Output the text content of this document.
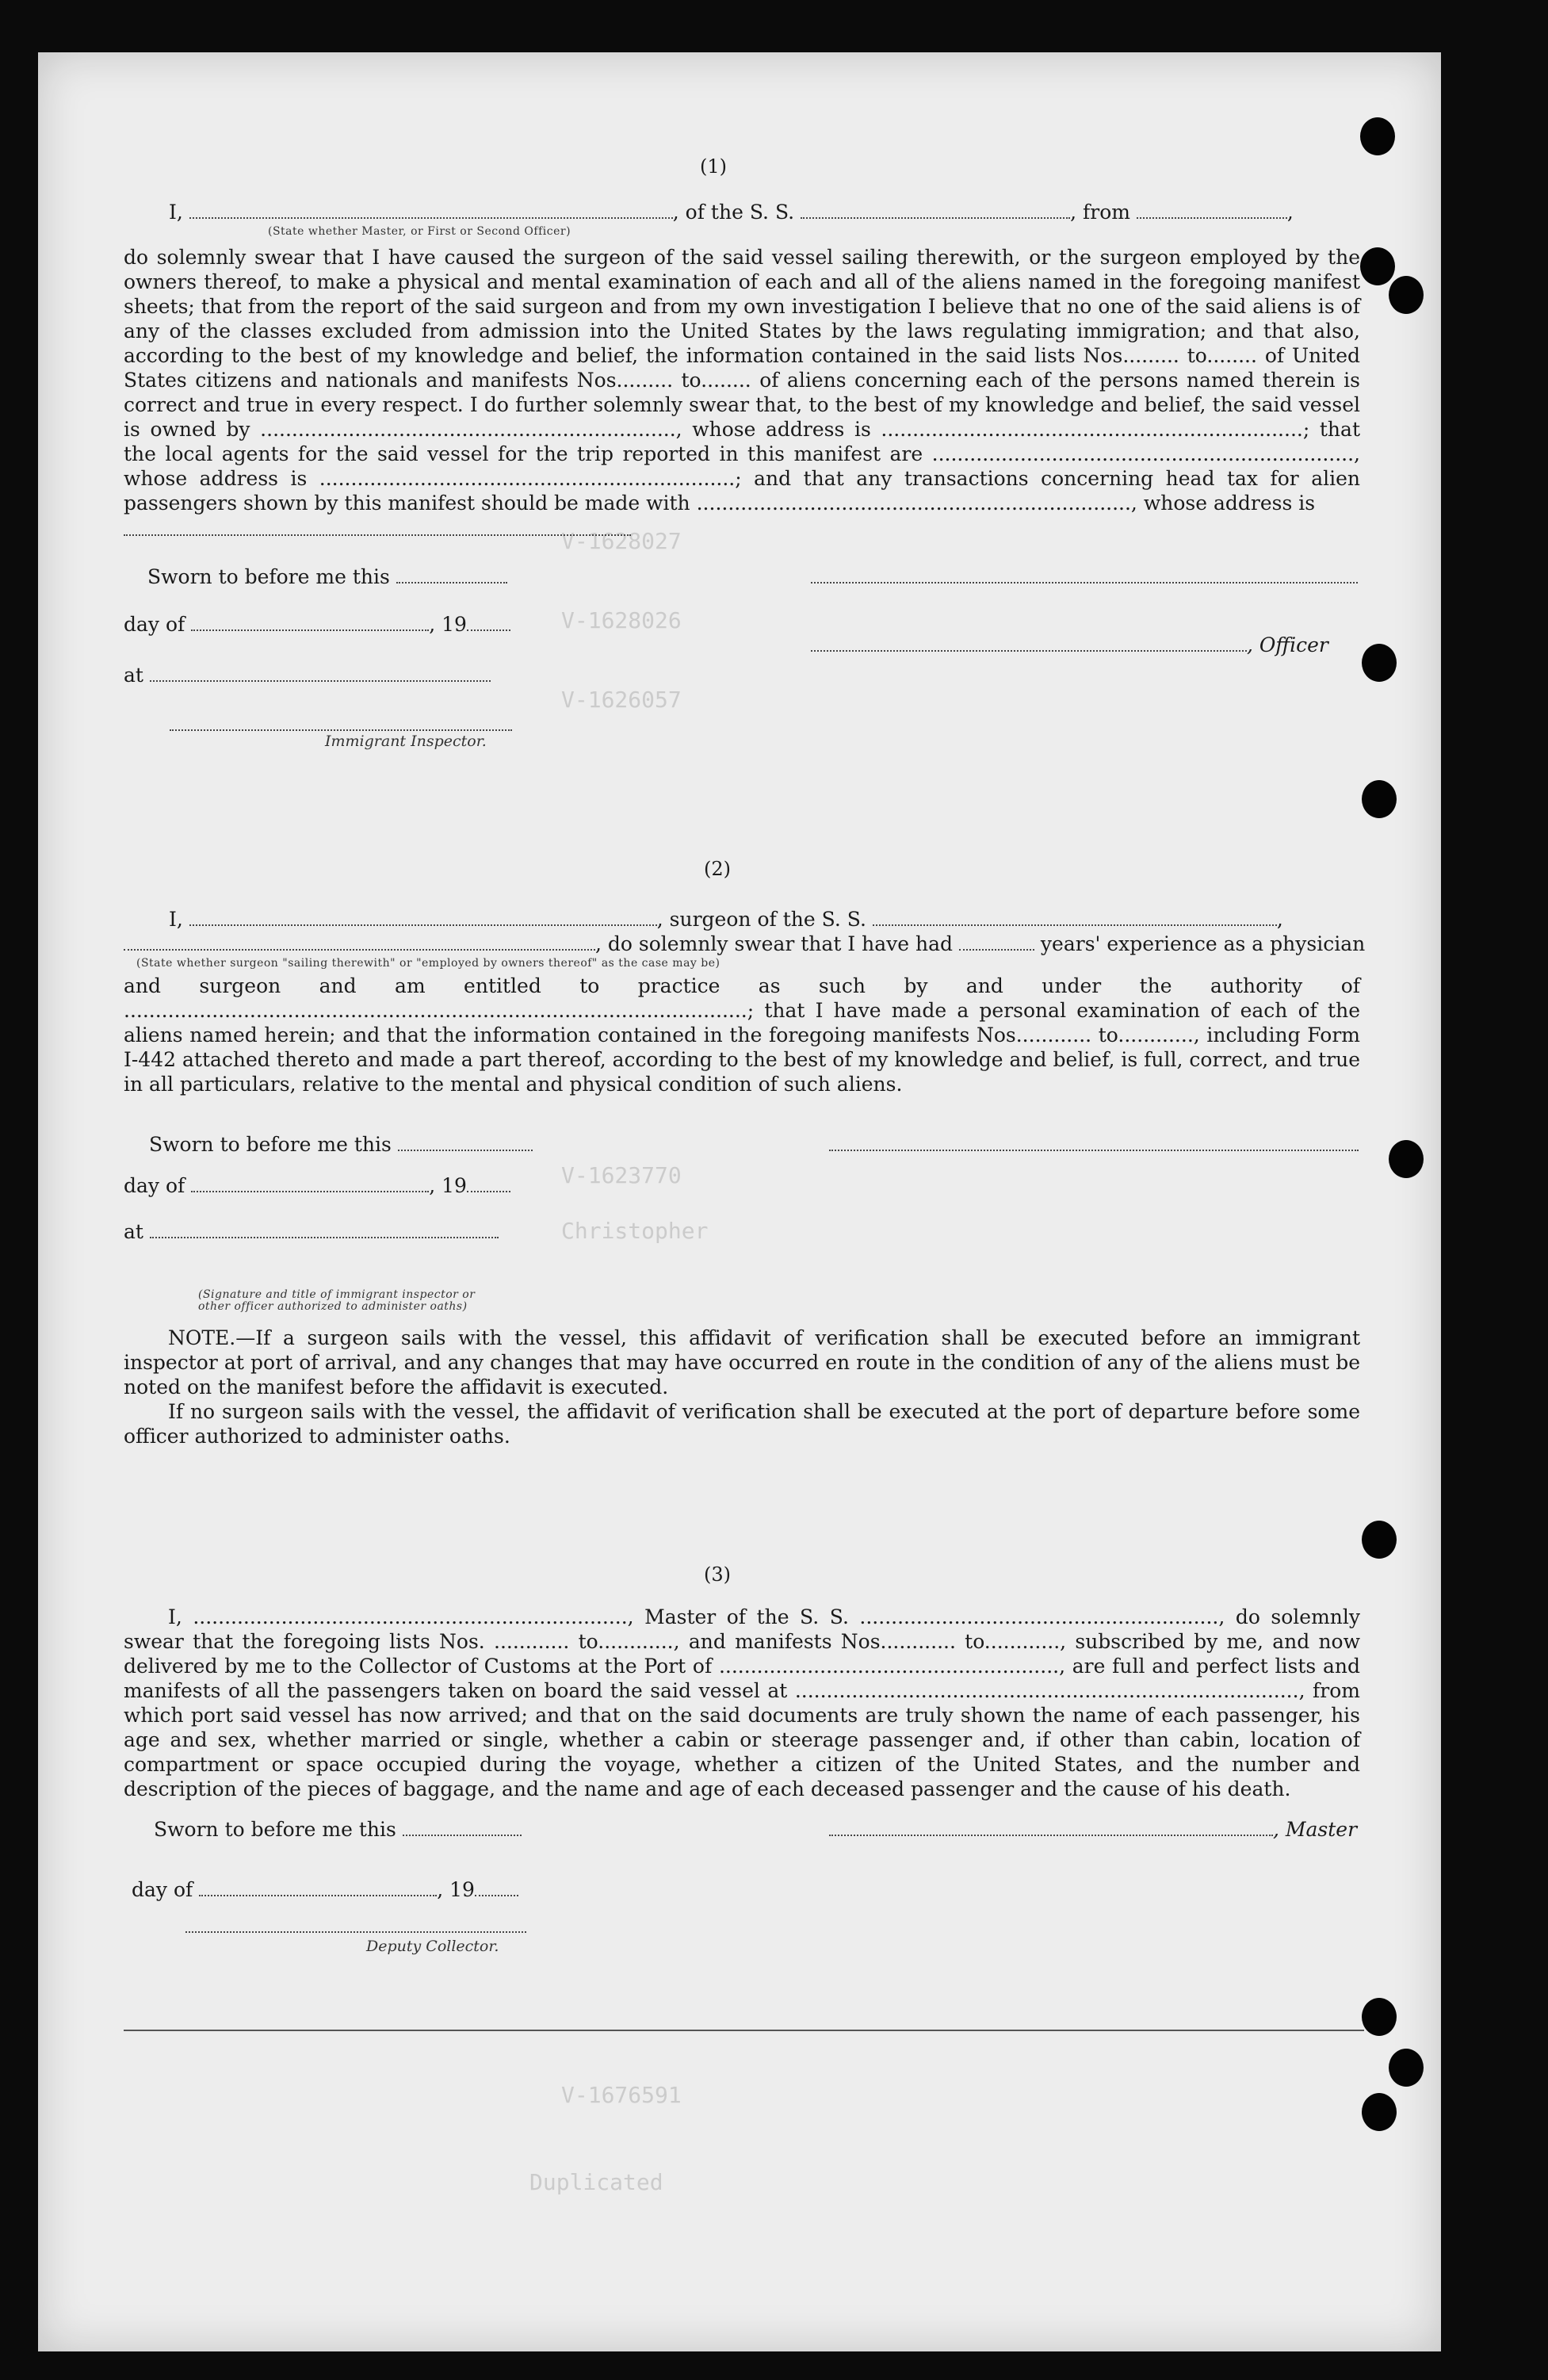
V-1628027
V-1628026
V-1626057
V-1623770
Christopher
V-1676591
Duplicated
(1)
I,	, of the S. S.	, from	,
(State whether Master, or First or Second Officer)
do solemnly swear that I have caused the surgeon of the said vessel sailing therewith, or the surgeon employed by the owners thereof, to make a physical and mental examination of each and all of the aliens named in the foregoing manifest sheets; that from the report of the said surgeon and from my own investigation I believe that no one of the said aliens is of any of the classes excluded from admission into the United States by the laws regulating immigration; and that also, according to the best of my knowledge and belief, the information contained in the said lists Nos......... to........ of United States citizens and nationals and manifests Nos......... to........ of aliens concerning each of the persons named therein is correct and true in every respect. I do further solemnly swear that, to the best of my knowledge and belief, the said vessel is owned by .................................................................., whose address is ...................................................................; that the local agents for the said vessel for the trip reported in this manifest are ..................................................................., whose address is ..................................................................; and that any transactions concerning head tax for alien passengers shown by this manifest should be made with ....................................................................., whose address is
Sworn to before me this
day of	, 19
, Officer
at
Immigrant Inspector.
(2)
I,	, surgeon of the S. S.	,
, do solemnly swear that I have had	years' experience as a physician
(State whether surgeon "sailing therewith" or "employed by owners thereof" as the case may be)
and surgeon and am entitled to practice as such by and under the authority of ...................................................................................................; that I have made a personal examination of each of the aliens named herein; and that the information contained in the foregoing manifests Nos............ to............, including Form I-442 attached thereto and made a part thereof, according to the best of my knowledge and belief, is full, correct, and true in all particulars, relative to the mental and physical condition of such aliens.
Sworn to before me this
day of	, 19
at
(Signature and title of immigrant inspector or
other officer authorized to administer oaths)
NOTE.—If a surgeon sails with the vessel, this affidavit of verification shall be executed before an immigrant inspector at port of arrival, and any changes that may have occurred en route in the condition of any of the aliens must be noted on the manifest before the affidavit is executed.
If no surgeon sails with the vessel, the affidavit of verification shall be executed at the port of departure before some officer authorized to administer oaths.
(3)
I, ....................................................................., Master of the S. S. ........................................................., do solemnly swear that the foregoing lists Nos. ............ to............, and manifests Nos............ to............, subscribed by me, and now delivered by me to the Collector of Customs at the Port of ......................................................, are full and perfect lists and manifests of all the passengers taken on board the said vessel at ................................................................................, from which port said vessel has now arrived; and that on the said documents are truly shown the name of each passenger, his age and sex, whether married or single, whether a cabin or steerage passenger and, if other than cabin, location of compartment or space occupied during the voyage, whether a citizen of the United States, and the number and description of the pieces of baggage, and the name and age of each deceased passenger and the cause of his death.
Sworn to before me this	, Master
day of	, 19
Deputy Collector.
